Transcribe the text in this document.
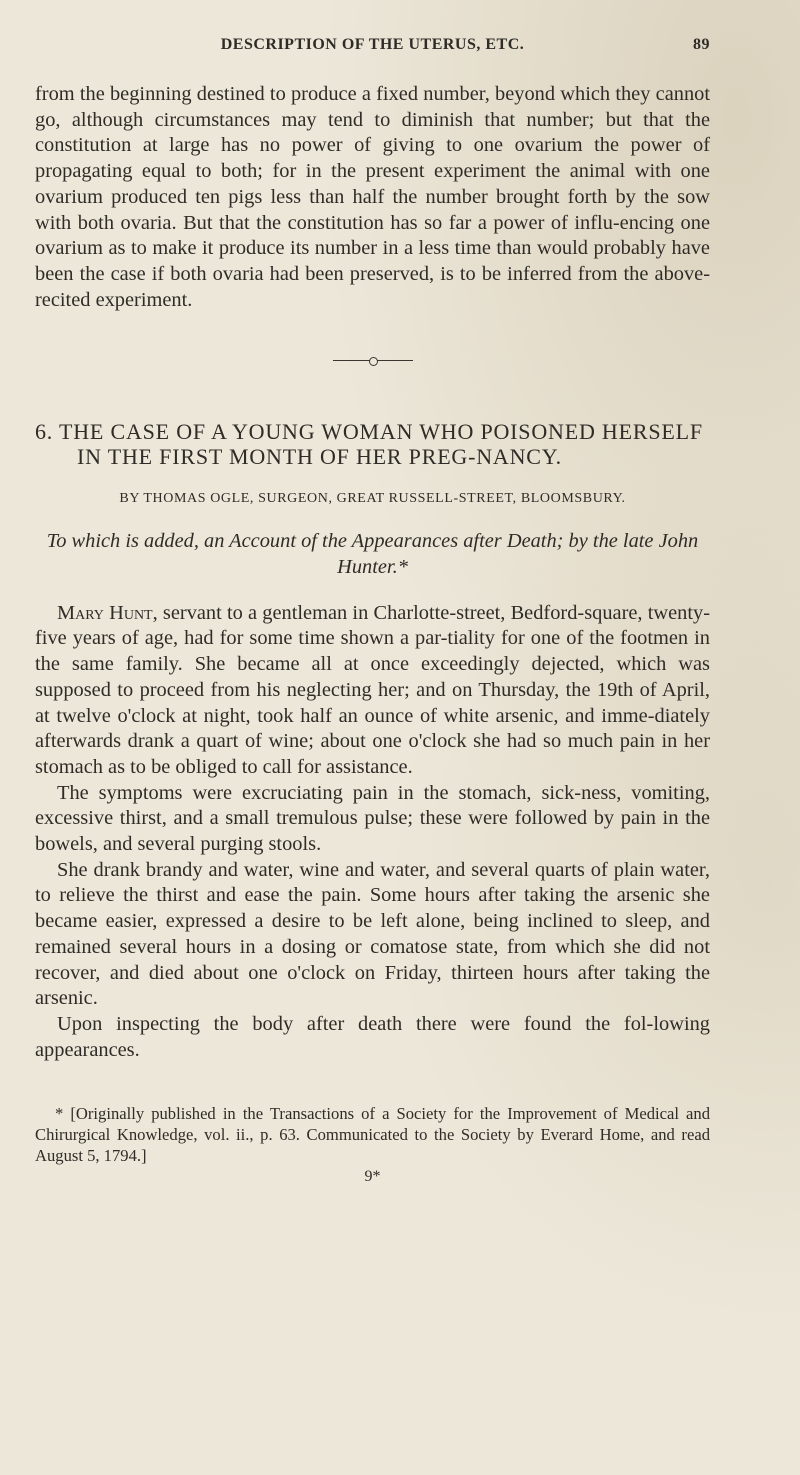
DESCRIPTION OF THE UTERUS, ETC.	89

from the beginning destined to produce a fixed number, beyond which they cannot go, although circumstances may tend to diminish that number; but that the constitution at large has no power of giving to one ovarium the power of propagating equal to both; for in the present experiment the animal with one ovarium produced ten pigs less than half the number brought forth by the sow with both ovaria. But that the constitution has so far a power of influ-encing one ovarium as to make it produce its number in a less time than would probably have been the case if both ovaria had been preserved, is to be inferred from the above-recited experiment.

6. THE CASE OF A YOUNG WOMAN WHO POISONED HERSELF IN THE FIRST MONTH OF HER PREG-NANCY.
BY THOMAS OGLE, SURGEON, GREAT RUSSELL-STREET, BLOOMSBURY.
To which is added, an Account of the Appearances after Death; by the late John Hunter.*

Mary Hunt, servant to a gentleman in Charlotte-street, Bedford-square, twenty-five years of age, had for some time shown a par-tiality for one of the footmen in the same family. She became all at once exceedingly dejected, which was supposed to proceed from his neglecting her; and on Thursday, the 19th of April, at twelve o'clock at night, took half an ounce of white arsenic, and imme-diately afterwards drank a quart of wine; about one o'clock she had so much pain in her stomach as to be obliged to call for assistance.

The symptoms were excruciating pain in the stomach, sick-ness, vomiting, excessive thirst, and a small tremulous pulse; these were followed by pain in the bowels, and several purging stools.

She drank brandy and water, wine and water, and several quarts of plain water, to relieve the thirst and ease the pain. Some hours after taking the arsenic she became easier, expressed a desire to be left alone, being inclined to sleep, and remained several hours in a dosing or comatose state, from which she did not recover, and died about one o'clock on Friday, thirteen hours after taking the arsenic.

Upon inspecting the body after death there were found the fol-lowing appearances.

* [Originally published in the Transactions of a Society for the Improvement of Medical and Chirurgical Knowledge, vol. ii., p. 63. Communicated to the Society by Everard Home, and read August 5, 1794.]
9*
